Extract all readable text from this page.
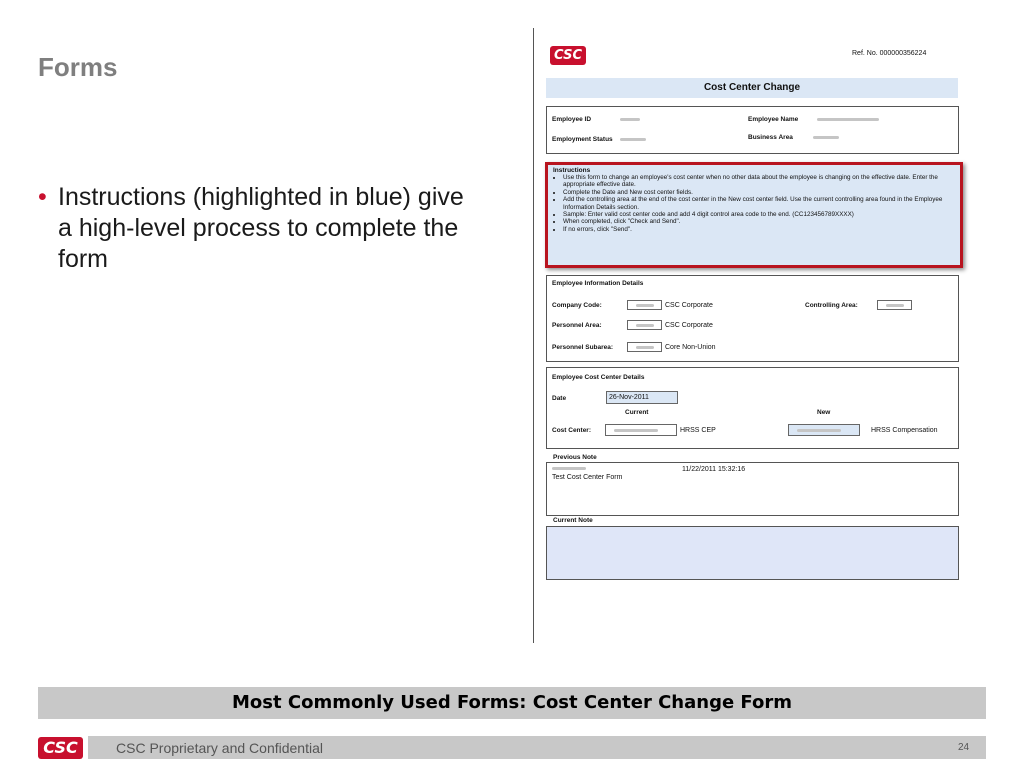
Forms
• Instructions (highlighted in blue) give a high-level process to complete the form
CSC	Ref. No. 000000356224
Cost Center Change
Employee ID	Employee Name
Employment Status	Business Area
Instructions
• Use this form to change an employee's cost center when no other data about the employee is changing on the effective date. Enter the appropriate effective date.
• Complete the Date and New cost center fields.
• Add the controlling area at the end of the cost center in the New cost center field. Use the current controlling area found in the Employee Information Details section.
• Sample: Enter valid cost center code and add 4 digit control area code to the end. (CC123456789XXXX)
• When completed, click "Check and Send".
• If no errors, click "Send".
Employee Information Details
Company Code:	CSC Corporate	Controlling Area:
Personnel Area:	CSC Corporate
Personnel Subarea:	Core Non-Union
Employee Cost Center Details
Date	26-Nov-2011
Current	New
Cost Center:	HRSS CEP	HRSS Compensation
Previous Note
11/22/2011 15:32:16
Test Cost Center Form
Current Note
Most Commonly Used Forms: Cost Center Change Form
CSC	CSC Proprietary and Confidential	24
